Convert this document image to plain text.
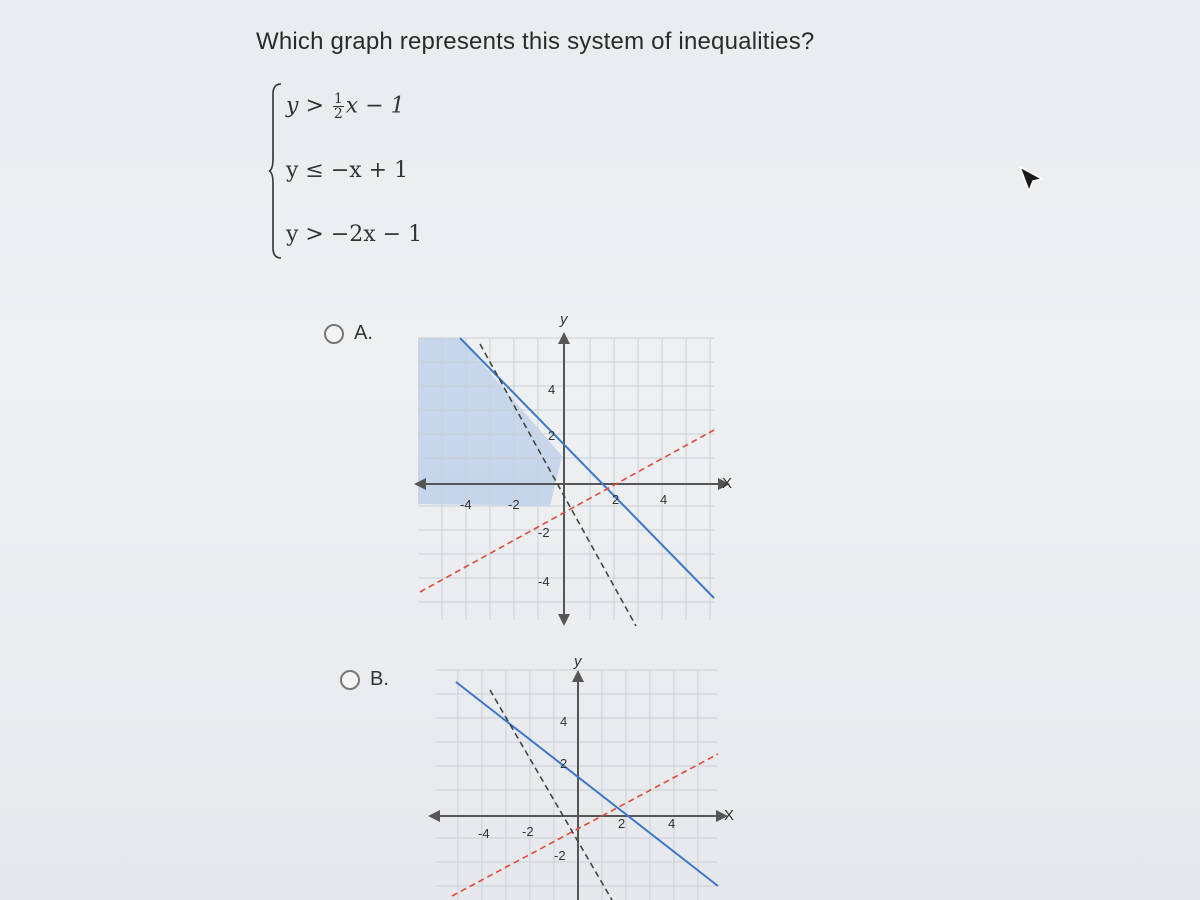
Which graph represents this system of inequalities?
$y > \frac{1}{2}$ x − 1
y ≤ −x + 1
y > −2x − 1
A.
B.
-4	-2	2	4
4
2
-2
-4
X
y
-4 -2
2	4
4
2
-2
X
y
